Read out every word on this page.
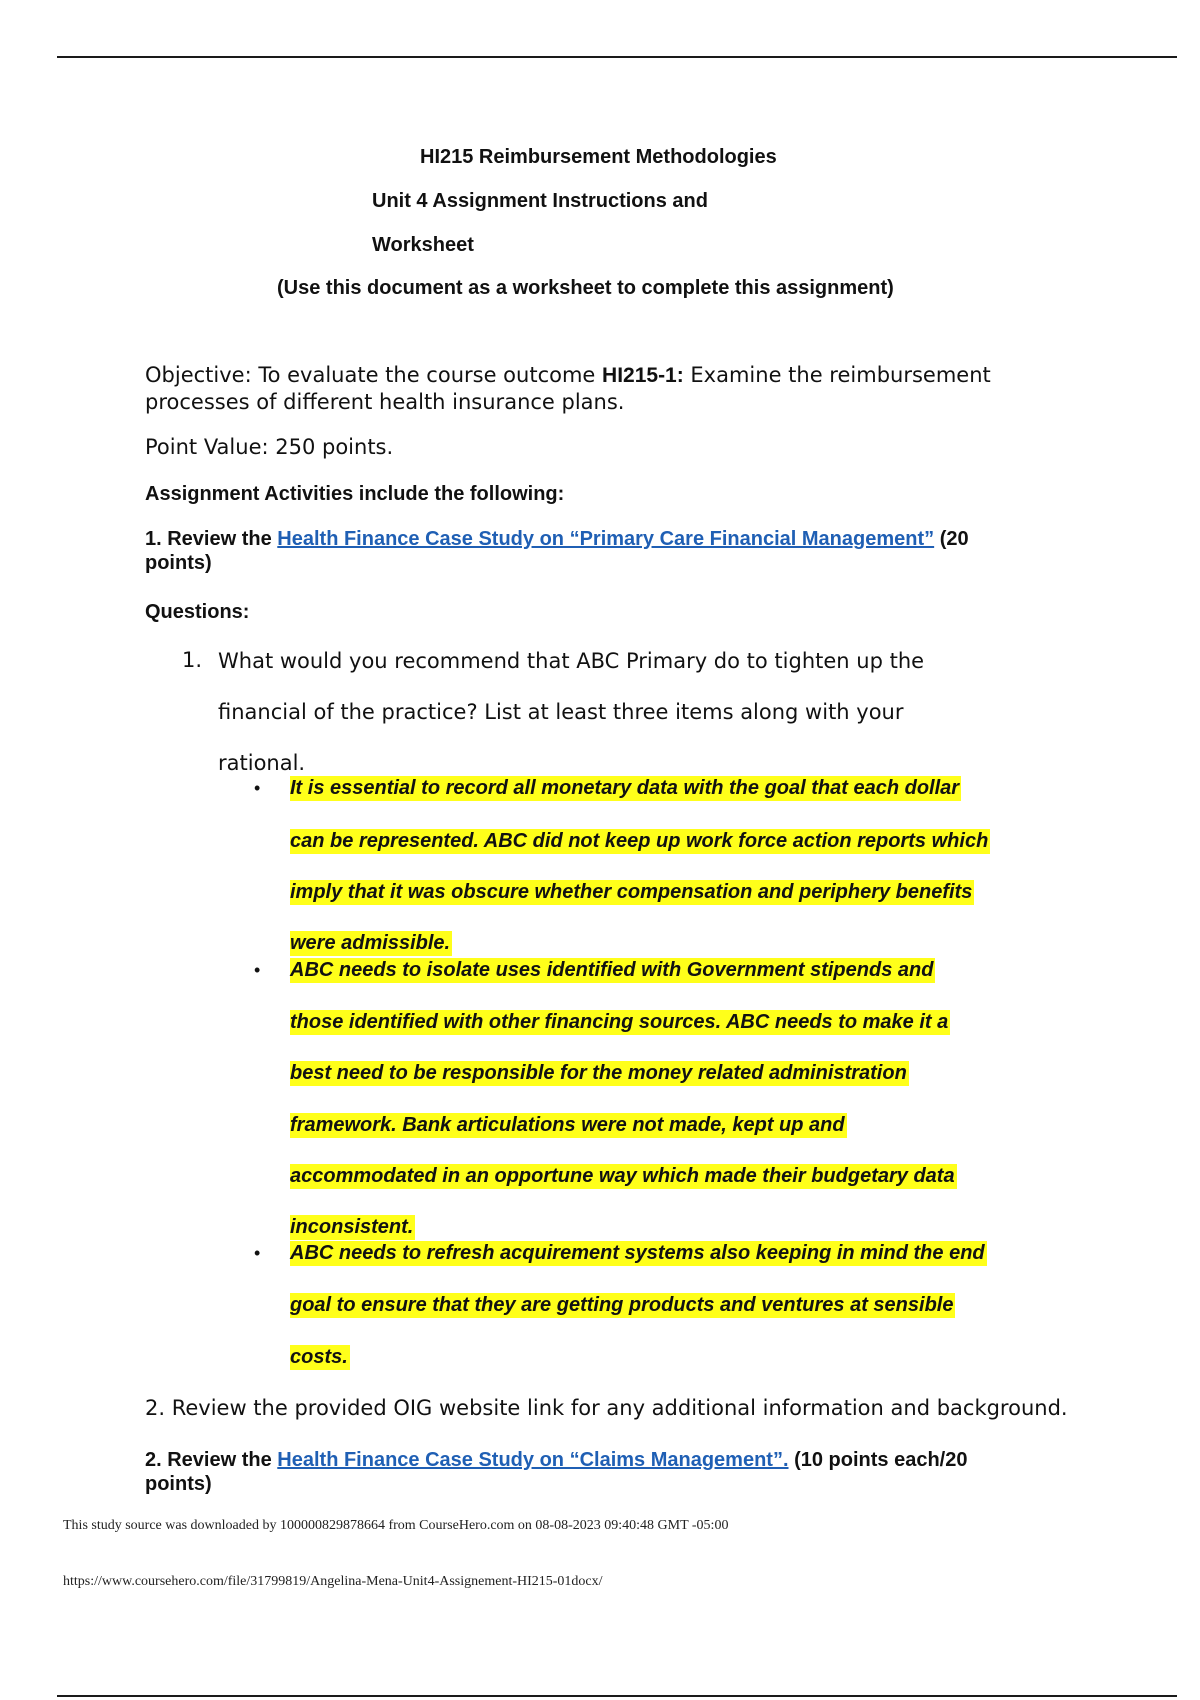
HI215 Reimbursement Methodologies
Unit 4 Assignment Instructions and
Worksheet
(Use this document as a worksheet to complete this assignment)
Objective: To evaluate the course outcome HI215-1: Examine the reimbursement
processes of different health insurance plans.
Point Value: 250 points.
Assignment Activities include the following:
1. Review the Health Finance Case Study on “Primary Care Financial Management” (20
points)
Questions:
1. What would you recommend that ABC Primary do to tighten up the
financial of the practice? List at least three items along with your
rational.
• It is essential to record all monetary data with the goal that each dollar
can be represented. ABC did not keep up work force action reports which
imply that it was obscure whether compensation and periphery benefits
were admissible.
• ABC needs to isolate uses identified with Government stipends and
those identified with other financing sources. ABC needs to make it a
best need to be responsible for the money related administration
framework. Bank articulations were not made, kept up and
accommodated in an opportune way which made their budgetary data
inconsistent.
• ABC needs to refresh acquirement systems also keeping in mind the end
goal to ensure that they are getting products and ventures at sensible
costs.
2. Review the provided OIG website link for any additional information and background.
2. Review the Health Finance Case Study on “Claims Management”. (10 points each/20
points)
This study source was downloaded by 100000829878664 from CourseHero.com on 08-08-2023 09:40:48 GMT -05:00
https://www.coursehero.com/file/31799819/Angelina-Mena-Unit4-Assignement-HI215-01docx/
